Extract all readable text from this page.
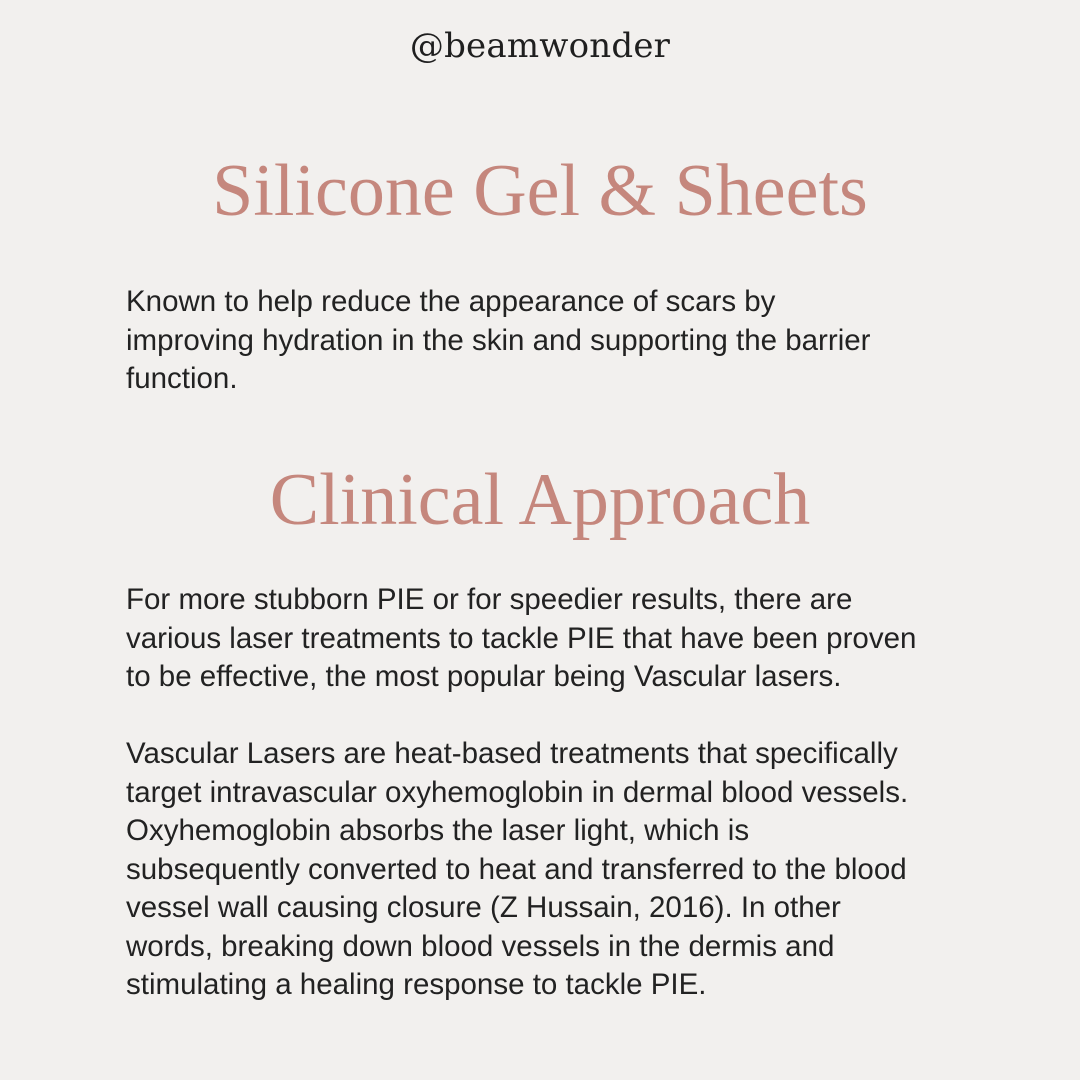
@beamwonder
Silicone Gel & Sheets

Known to help reduce the appearance of scars by
improving hydration in the skin and supporting the barrier
function.

Clinical Approach

For more stubborn PIE or for speedier results, there are
various laser treatments to tackle PIE that have been proven
to be effective, the most popular being Vascular lasers.

Vascular Lasers are heat-based treatments that specifically
target intravascular oxyhemoglobin in dermal blood vessels.
Oxyhemoglobin absorbs the laser light, which is
subsequently converted to heat and transferred to the blood
vessel wall causing closure (Z Hussain, 2016). In other
words, breaking down blood vessels in the dermis and
stimulating a healing response to tackle PIE.
